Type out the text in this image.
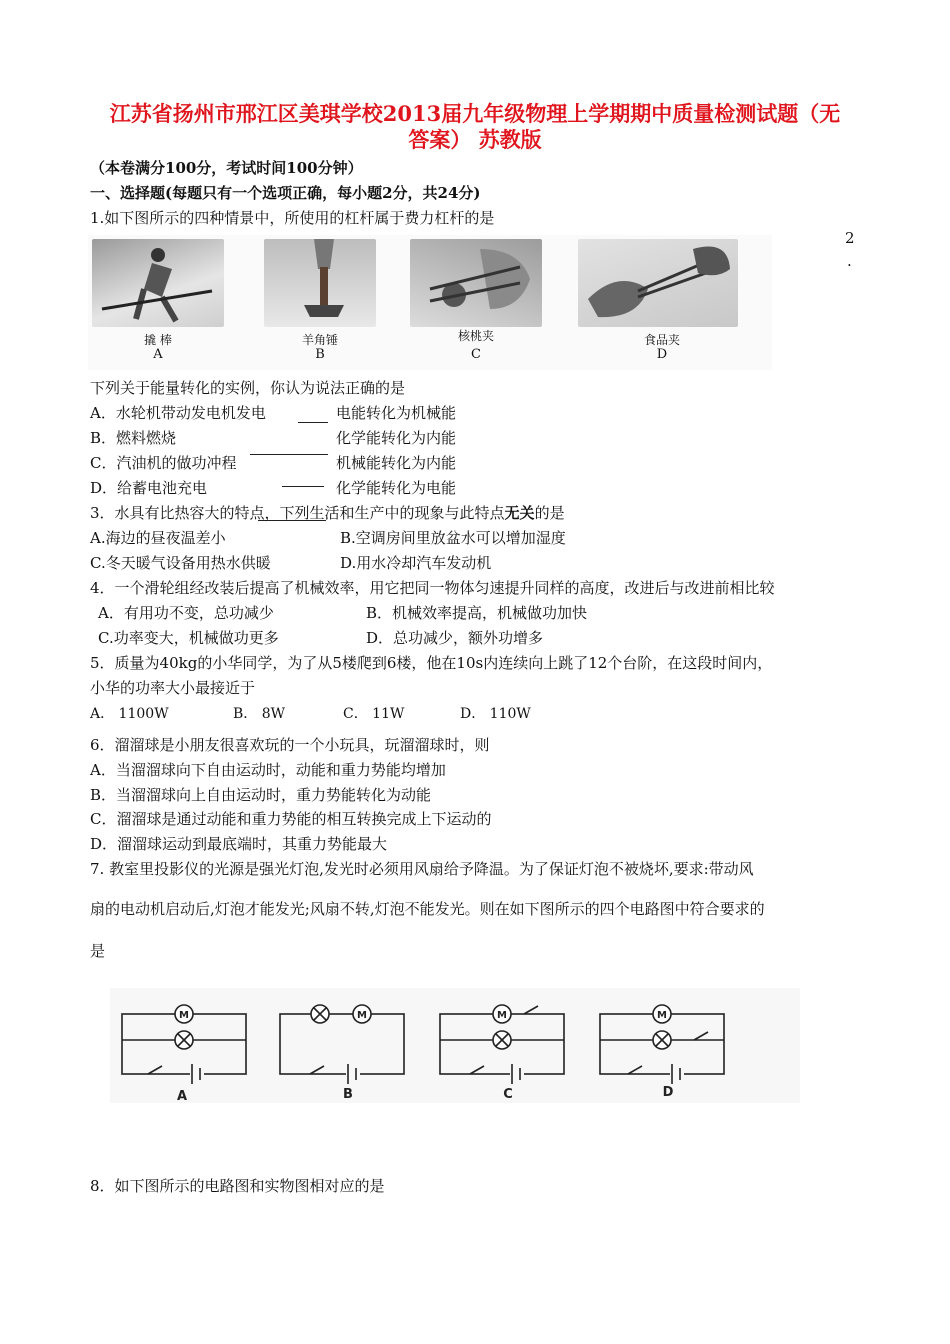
江苏省扬州市邢江区美琪学校2013届九年级物理上学期期中质量检测试题（无
答案） 苏教版
（本卷满分100分，考试时间100分钟）
一、选择题(每题只有一个选项正确，每小题2分，共24分)
1.如下图所示的四种情景中，所使用的杠杆属于费力杠杆的是
撬 棒
A
羊角锤
B
核桃夹
C
食品夹
D
2
.
下列关于能量转化的实例，你认为说法正确的是
A．水轮机带动发电机发电	电能转化为机械能
B．燃料燃烧	化学能转化为内能
C．汽油机的做功冲程	机械能转化为内能
D．给蓄电池充电	化学能转化为电能
3．水具有比热容大的特点，下列生活和生产中的现象与此特点无关的是
A.海边的昼夜温差小	B.空调房间里放盆水可以增加湿度
C.冬天暖气设备用热水供暖	D.用水冷却汽车发动机
4．一个滑轮组经改装后提高了机械效率，用它把同一物体匀速提升同样的高度，改进后与改进前相比较
A．有用功不变，总功减少	B．机械效率提高，机械做功加快
C.功率变大，机械做功更多	D．总功减少，额外功增多
5．质量为40kg的小华同学，为了从5楼爬到6楼，他在10s内连续向上跳了12个台阶，在这段时间内，
小华的功率大小最接近于
A． 1100W	B． 8W	C． 11W	D． 110W
6．溜溜球是小朋友很喜欢玩的一个小玩具，玩溜溜球时，则
A．当溜溜球向下自由运动时，动能和重力势能均增加
B．当溜溜球向上自由运动时，重力势能转化为动能
C．溜溜球是通过动能和重力势能的相互转换完成上下运动的
D．溜溜球运动到最底端时，其重力势能最大
7. 教室里投影仪的光源是强光灯泡,发光时必须用风扇给予降温。为了保证灯泡不被烧坏,要求:带动风
扇的电动机启动后,灯泡才能发光;风扇不转,灯泡不能发光。则在如下图所示的四个电路图中符合要求的
是
M	M	M	M
A	B	C	D
8．如下图所示的电路图和实物图相对应的是
